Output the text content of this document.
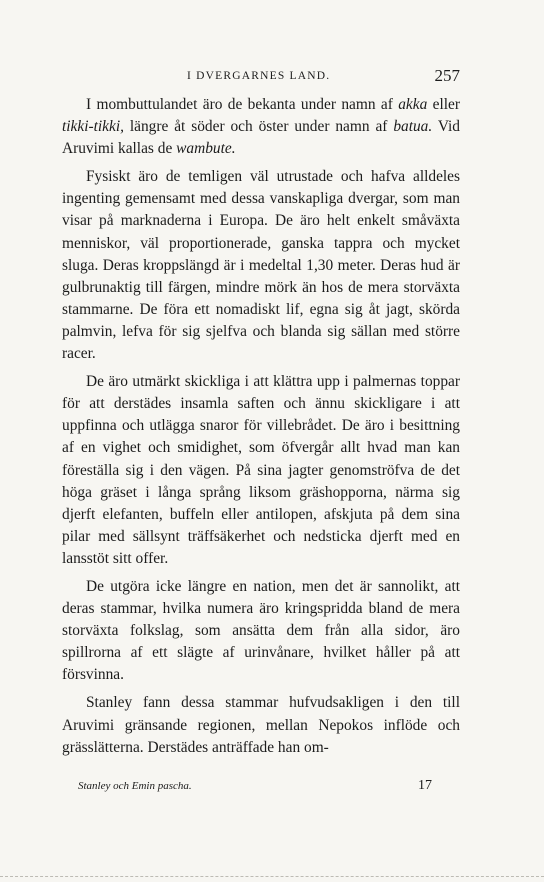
I DVERGARNES LAND.	257

I mombuttulandet äro de bekanta under namn af akka eller tikki-tikki, längre åt söder och öster under namn af batua. Vid Aruvimi kallas de wambute.

Fysiskt äro de temligen väl utrustade och hafva alldeles ingenting gemensamt med dessa vanskapliga dvergar, som man visar på marknaderna i Europa. De äro helt enkelt småväxta menniskor, väl proportionerade, ganska tappra och mycket sluga. Deras kroppslängd är i medeltal 1,30 meter. Deras hud är gulbrunaktig till färgen, mindre mörk än hos de mera storväxta stammarne. De föra ett nomadiskt lif, egna sig åt jagt, skörda palmvin, lefva för sig sjelfva och blanda sig sällan med större racer.

De äro utmärkt skickliga i att klättra upp i palmernas toppar för att derstädes insamla saften och ännu skickligare i att uppfinna och utlägga snaror för villebrådet. De äro i besittning af en vighet och smidighet, som öfvergår allt hvad man kan föreställa sig i den vägen. På sina jagter genomströfva de det höga gräset i långa språng liksom gräshopporna, närma sig djerft elefanten, buffeln eller antilopen, afskjuta på dem sina pilar med sällsynt träffsäkerhet och nedsticka djerft med en lansstöt sitt offer.

De utgöra icke längre en nation, men det är sannolikt, att deras stammar, hvilka numera äro kringspridda bland de mera storväxta folkslag, som ansätta dem från alla sidor, äro spillrorna af ett slägte af urinvånare, hvilket håller på att försvinna.

Stanley fann dessa stammar hufvudsakligen i den till Aruvimi gränsande regionen, mellan Nepokos inflöde och grässlätterna. Derstädes anträffade han om-

Stanley och Emin pascha.	17
